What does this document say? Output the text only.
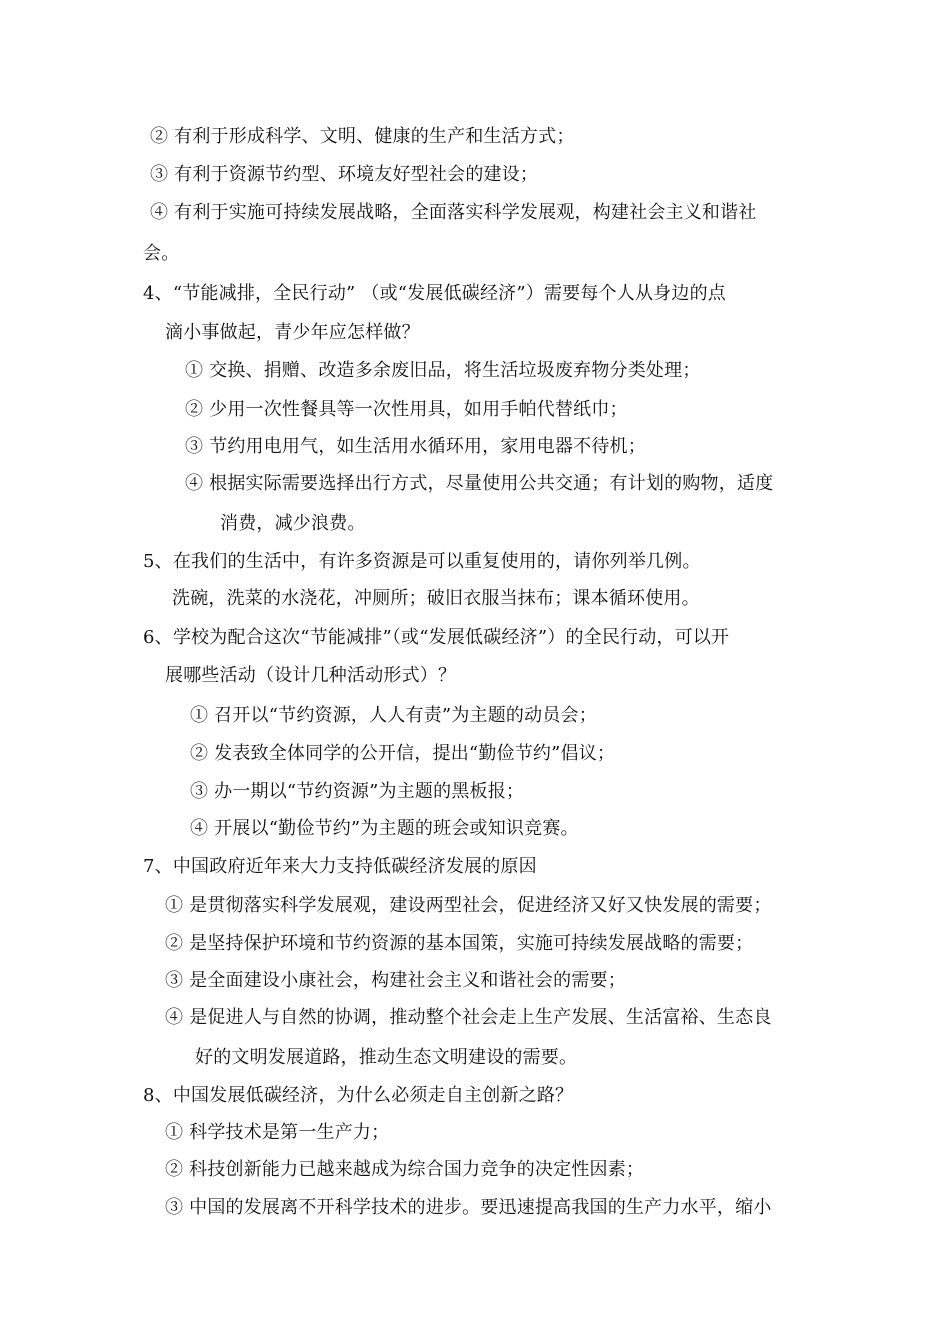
② 有利于形成科学、文明、健康的生产和生活方式；
③ 有利于资源节约型、环境友好型社会的建设；
④ 有利于实施可持续发展战略，全面落实科学发展观，构建社会主义和谐社
会。
4、“节能减排，全民行动” （或“发展低碳经济”）需要每个人从身边的点
滴小事做起，青少年应怎样做？
① 交换、捐赠、改造多余废旧品，将生活垃圾废弃物分类处理；
② 少用一次性餐具等一次性用具，如用手帕代替纸巾；
③ 节约用电用气，如生活用水循环用，家用电器不待机；
④ 根据实际需要选择出行方式，尽量使用公共交通；有计划的购物，适度
消费，减少浪费。
5、在我们的生活中，有许多资源是可以重复使用的，请你列举几例。
洗碗，洗菜的水浇花，冲厕所；破旧衣服当抹布；课本循环使用。
6、学校为配合这次“节能减排”（或“发展低碳经济”）的全民行动，可以开
展哪些活动（设计几种活动形式）？
① 召开以“节约资源，人人有责”为主题的动员会；
② 发表致全体同学的公开信，提出“勤俭节约”倡议；
③ 办一期以“节约资源”为主题的黑板报；
④ 开展以“勤俭节约”为主题的班会或知识竞赛。
7、中国政府近年来大力支持低碳经济发展的原因
① 是贯彻落实科学发展观，建设两型社会，促进经济又好又快发展的需要；
② 是坚持保护环境和节约资源的基本国策，实施可持续发展战略的需要；
③ 是全面建设小康社会，构建社会主义和谐社会的需要；
④ 是促进人与自然的协调，推动整个社会走上生产发展、生活富裕、生态良
好的文明发展道路，推动生态文明建设的需要。
8、中国发展低碳经济，为什么必须走自主创新之路？
① 科学技术是第一生产力；
② 科技创新能力已越来越成为综合国力竞争的决定性因素；
③ 中国的发展离不开科学技术的进步。要迅速提高我国的生产力水平，缩小
